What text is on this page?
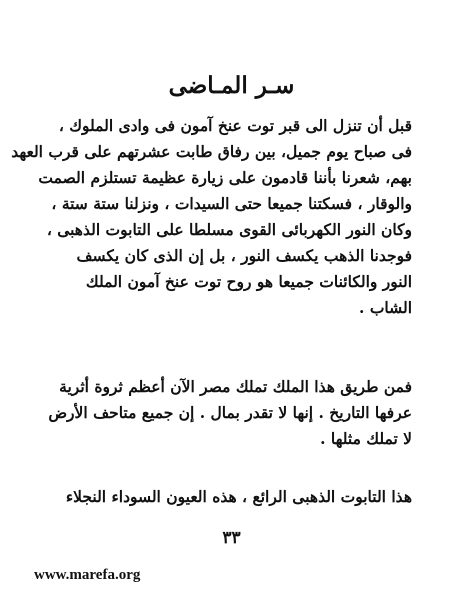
سـر المـاضى
قبل أن تنزل الى قبر توت عنخ آمون فى وادى الملوك ،
فى صباح يوم جميل، بين رفاق طابت عشرتهم على قرب العهد
بهم، شعرنا بأننا قادمون على زيارة عظيمة تستلزم الصمت
والوقار ، فسكتنا جميعا حتى السيدات ، ونزلنا ستة ستة ،
وكان النور الكهربائى القوى مسلطا على التابوت الذهبى ،
فوجدنا الذهب يكسف النور ، بل إن الذى كان يكسف
النور والكائنات جميعا هو روح توت عنخ آمون الملك
الشاب .
فمن طريق هذا الملك تملك مصر الآن أعظم ثروة أثرية
عرفها التاريخ . إنها لا تقدر بمال . إن جميع متاحف الأرض
لا تملك مثلها .
هذا التابوت الذهبى الرائع ، هذه العيون السوداء النجلاء
٣٣
www.marefa.org
